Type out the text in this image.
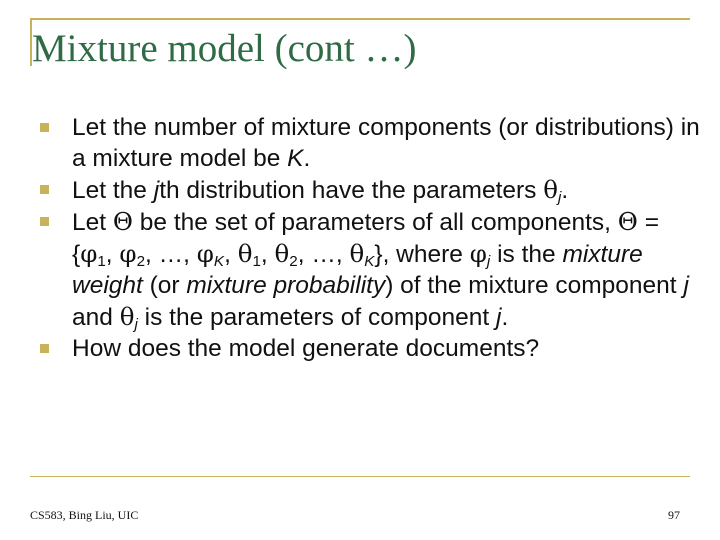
Mixture model (cont …)
Let the number of mixture components (or distributions) in a mixture model be K.
Let the jth distribution have the parameters $\theta_j$.
Let Θ be the set of parameters of all components, $\Theta = \{\varphi_1$, $\varphi_2$, …, $\varphi_K$, $\theta_1$, $\theta_2$, …, $\theta_K$}, where $\varphi_j$ is the mixture weight (or mixture probability) of the mixture component j and $\theta_j$ is the parameters of component j.
How does the model generate documents?
CS583, Bing Liu, UIC	97
